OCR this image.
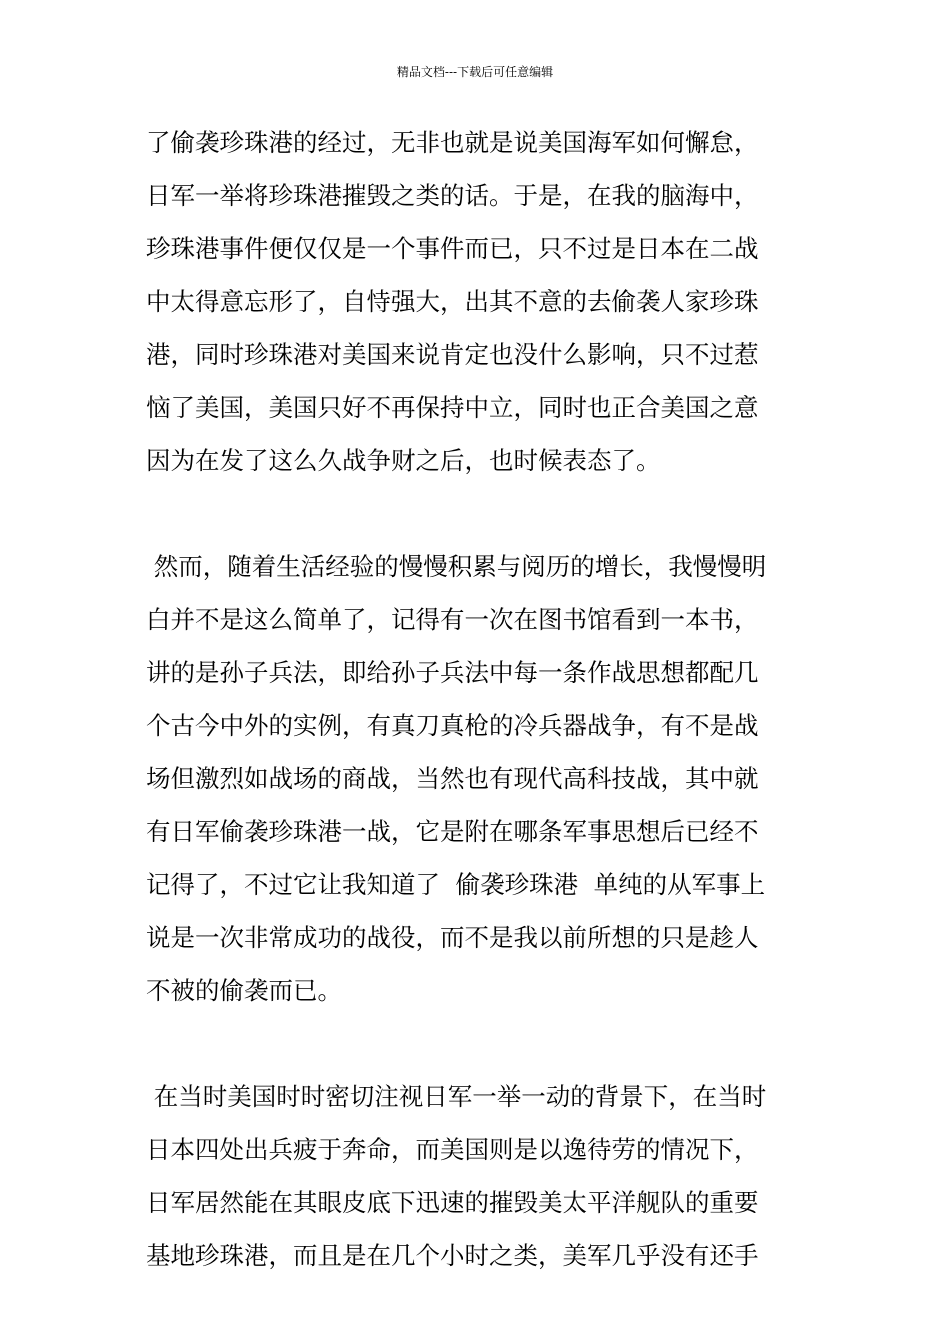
精品文档---下载后可任意编辑
了偷袭珍珠港的经过，无非也就是说美国海军如何懈怠，
日军一举将珍珠港摧毁之类的话。于是，在我的脑海中，
珍珠港事件便仅仅是一个事件而已，只不过是日本在二战
中太得意忘形了，自恃强大，出其不意的去偷袭人家珍珠
港，同时珍珠港对美国来说肯定也没什么影响，只不过惹
恼了美国，美国只好不再保持中立，同时也正合美国之意
因为在发了这么久战争财之后，也时候表态了。
然而，随着生活经验的慢慢积累与阅历的增长，我慢慢明
白并不是这么简单了，记得有一次在图书馆看到一本书，
讲的是孙子兵法，即给孙子兵法中每一条作战思想都配几
个古今中外的实例，有真刀真枪的冷兵器战争，有不是战
场但激烈如战场的商战，当然也有现代高科技战，其中就
有日军偷袭珍珠港一战，它是附在哪条军事思想后已经不
记得了，不过它让我知道了  偷袭珍珠港  单纯的从军事上
说是一次非常成功的战役，而不是我以前所想的只是趁人
不被的偷袭而已。
在当时美国时时密切注视日军一举一动的背景下，在当时
日本四处出兵疲于奔命，而美国则是以逸待劳的情况下，
日军居然能在其眼皮底下迅速的摧毁美太平洋舰队的重要
基地珍珠港，而且是在几个小时之类，美军几乎没有还手
